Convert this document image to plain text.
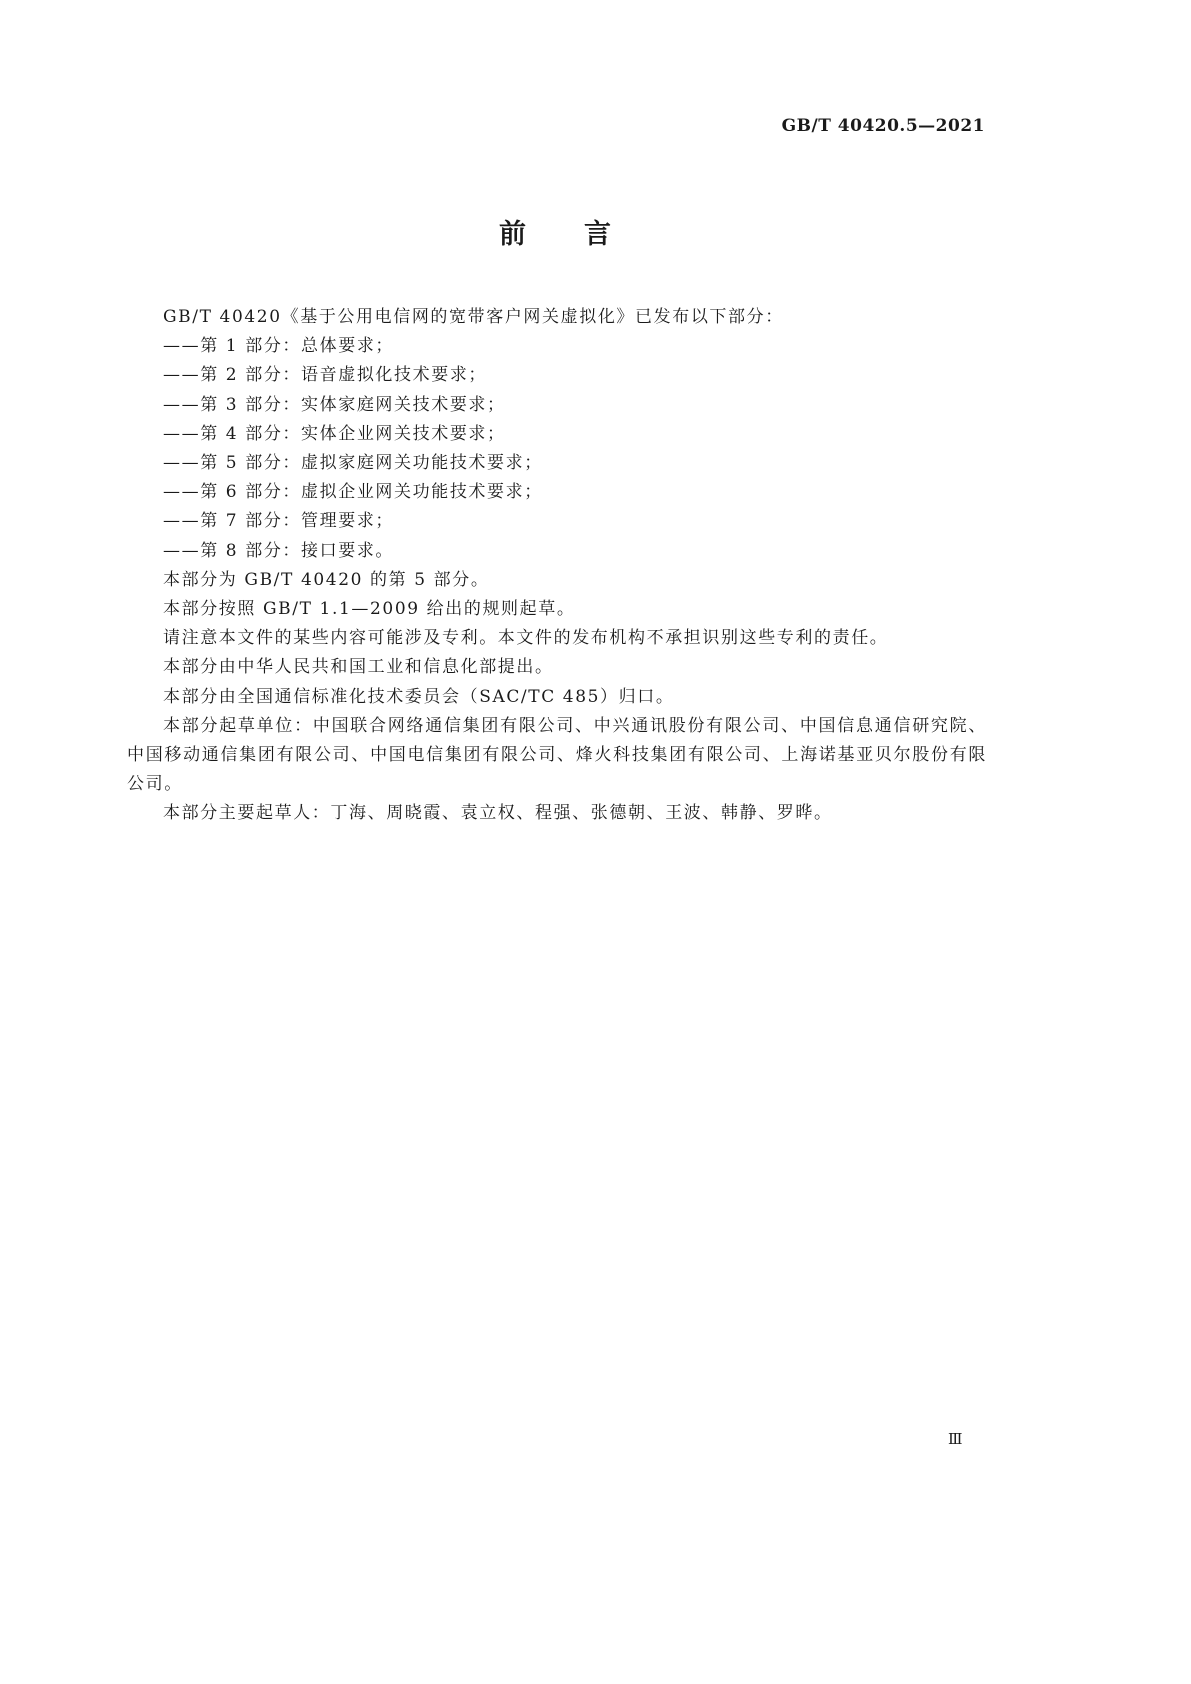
GB/T 40420.5—2021
前言

GB/T 40420《基于公用电信网的宽带客户网关虚拟化》已发布以下部分：

——第 1 部分：总体要求；

——第 2 部分：语音虚拟化技术要求；

——第 3 部分：实体家庭网关技术要求；

——第 4 部分：实体企业网关技术要求；

——第 5 部分：虚拟家庭网关功能技术要求；

——第 6 部分：虚拟企业网关功能技术要求；

——第 7 部分：管理要求；

——第 8 部分：接口要求。

本部分为 GB/T 40420 的第 5 部分。

本部分按照 GB/T 1.1—2009 给出的规则起草。

请注意本文件的某些内容可能涉及专利。本文件的发布机构不承担识别这些专利的责任。

本部分由中华人民共和国工业和信息化部提出。

本部分由全国通信标准化技术委员会（SAC/TC 485）归口。

本部分起草单位：中国联合网络通信集团有限公司、中兴通讯股份有限公司、中国信息通信研究院、中国移动通信集团有限公司、中国电信集团有限公司、烽火科技集团有限公司、上海诺基亚贝尔股份有限公司。

本部分主要起草人：丁海、周晓霞、袁立权、程强、张德朝、王波、韩静、罗晔。

Ⅲ
